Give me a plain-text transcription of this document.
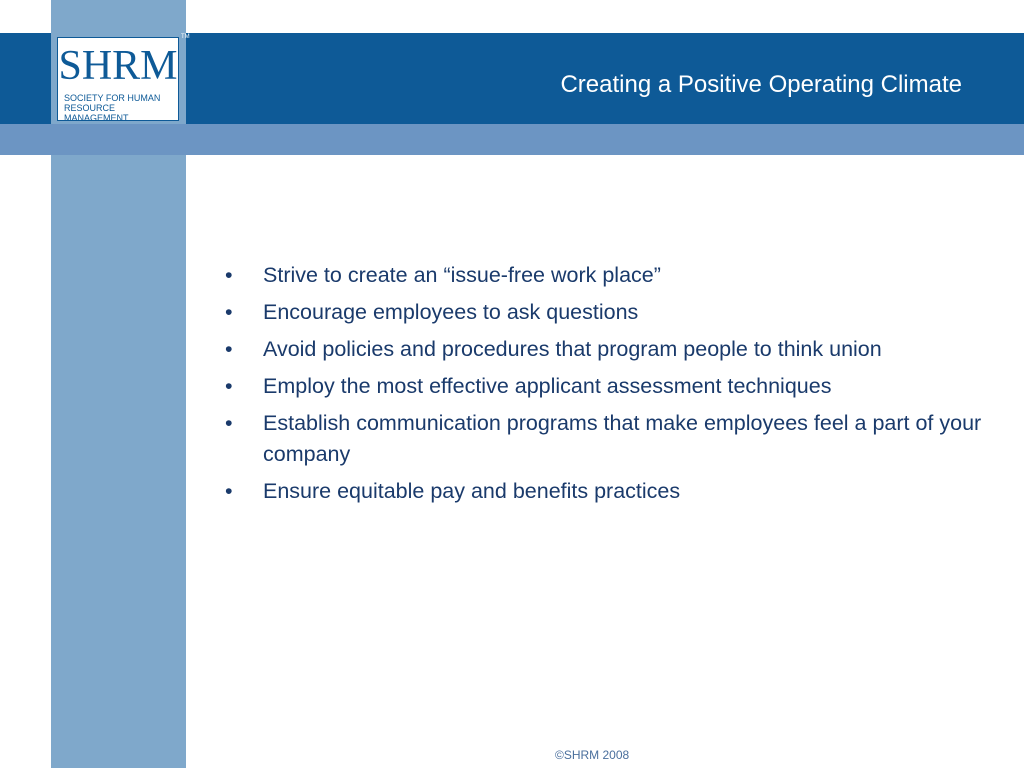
SHRM
SOCIETY FOR HUMAN RESOURCE MANAGEMENT
TM
Creating a Positive Operating Climate
•	Strive to create an “issue-free work place”
•	Encourage employees to ask questions
•	Avoid policies and procedures that program people to think union
•	Employ the most effective applicant assessment techniques
•	Establish communication programs that make employees feel a part of your company
•	Ensure equitable pay and benefits practices
©SHRM 2008
